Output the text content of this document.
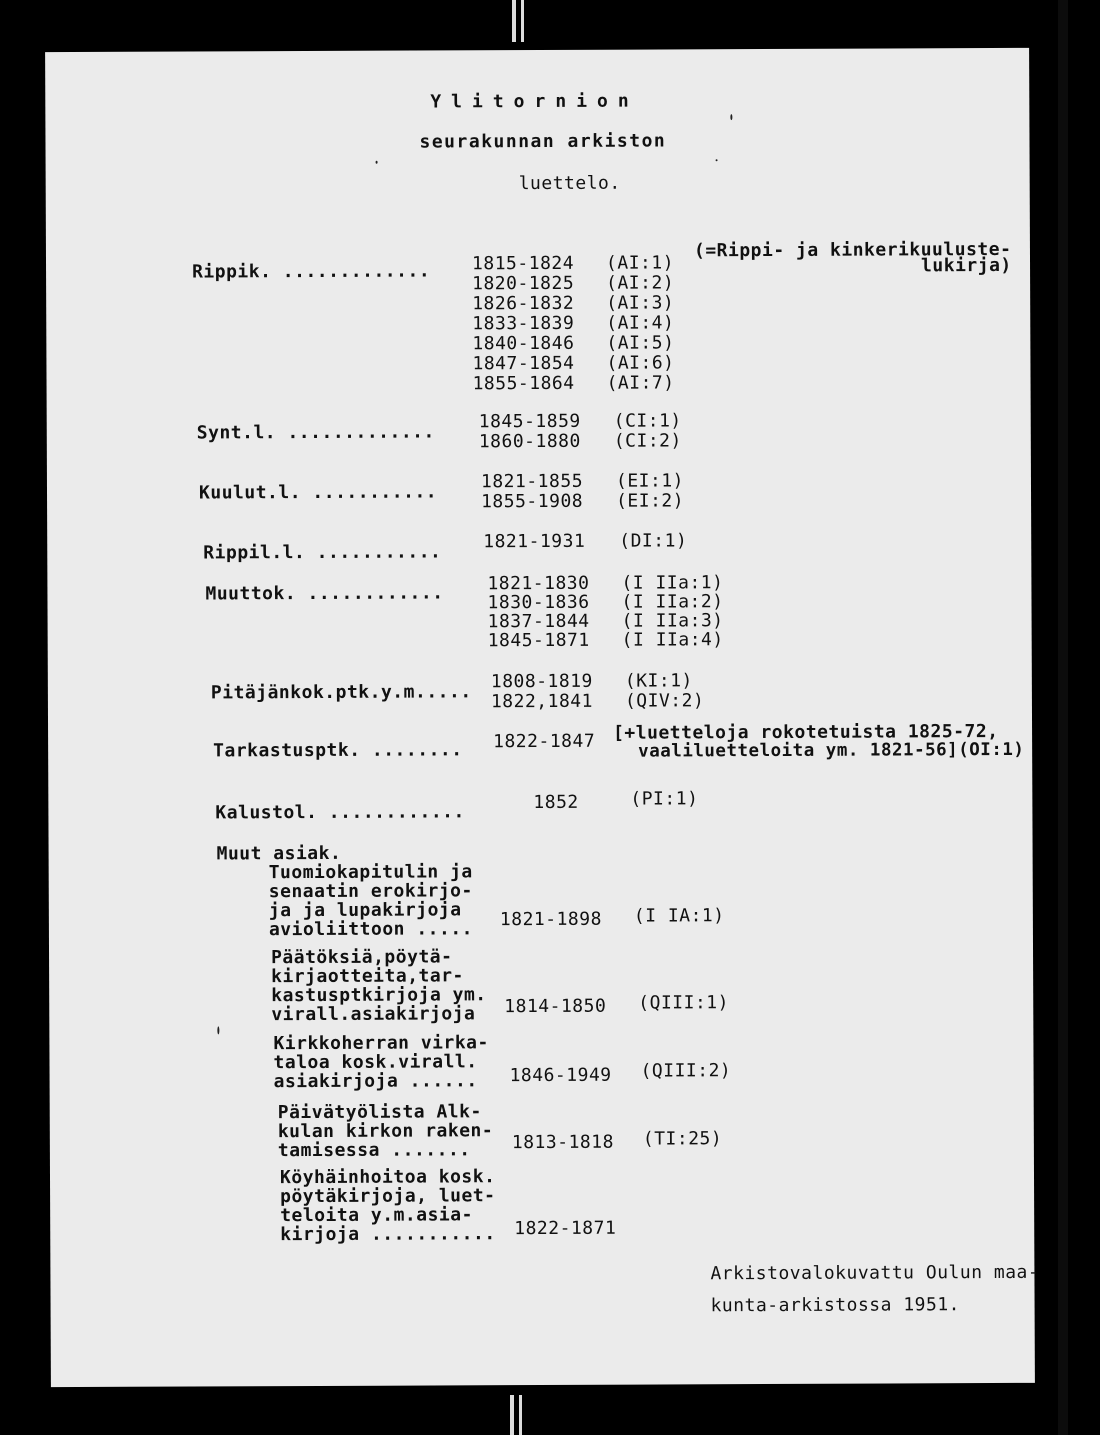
Ylitornion
seurakunnan arkiston
luettelo.
Rippik. ............. 1815-1824
1820-1825
1826-1832
1833-1839
1840-1846
1847-1854
1855-1864
(AI:1)
(AI:2)
(AI:3)
(AI:4)
(AI:5)
(AI:6)
(AI:7)
(=Rippi- ja kinkerikuuluste-
lukirja)
Synt.l. ............. 1845-1859
1860-1880
(CI:1)
(CI:2)
Kuulut.l. ........... 1821-1855
1855-1908
(EI:1)
(EI:2)
Rippil.l. ........... 1821-1931 (DI:1)
Muuttok. ............ 1821-1830
1830-1836
1837-1844
1845-1871
(I IIa:1)
(I IIa:2)
(I IIa:3)
(I IIa:4)
Pitäjänkok.ptk.y.m..... 1808-1819
1822,1841
(KI:1)
(QIV:2)
Tarkastusptk. ........ 1822-1847 [+luetteloja rokotetuista 1825-72,
vaaliluetteloita ym. 1821-56](OI:1)
Kalustol. ............	1852	(PI:1)
Muut asiak.
Tuomiokapitulin ja
senaatin erokirjo-
ja ja lupakirjoja
avioliittoon ..... 1821-1898 (I IA:1)
Päätöksiä,pöytä-
kirjaotteita,tar-
kastusptkirjoja ym.
virall.asiakirjoja 1814-1850 (QIII:1)
Kirkkoherran virka-
taloa kosk.virall.
asiakirjoja ...... 1846-1949 (QIII:2)
Päivätyölista Alk-
kulan kirkon raken-
tamisessa ....... 1813-1818 (TI:25)
Köyhäinhoitoa kosk.
pöytäkirjoja, luet-
teloita y.m.asia-
kirjoja ........... 1822-1871
Arkistovalokuvattu Oulun maa-
kunta-arkistossa 1951.
